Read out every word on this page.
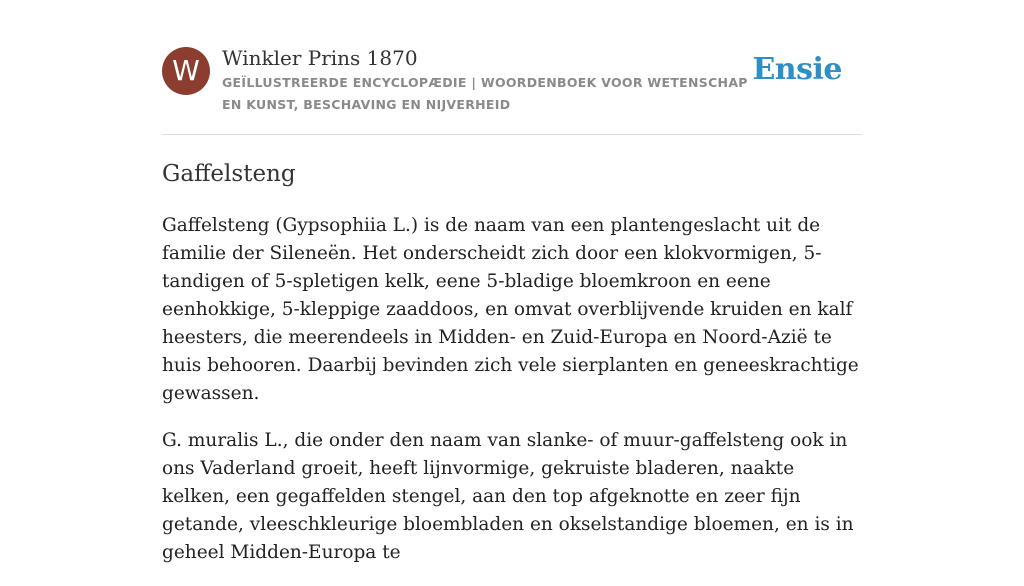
W	Winkler Prins 1870
GEÏLLUSTREERDE ENCYCLOPÆDIE | WOORDENBOEK VOOR WETENSCHAP EN KUNST, BESCHAVING EN NIJVERHEID
Ensie
Gaffelsteng

Gaffelsteng (Gypsophiia L.) is de naam van een plantengeslacht uit de familie der Sileneën. Het onderscheidt zich door een klokvormigen, 5-tandigen of 5-spletigen kelk, eene 5-bladige bloemkroon en eene eenhokkige, 5-kleppige zaaddoos, en omvat overblijvende kruiden en kalf heesters, die meerendeels in Midden- en Zuid-Europa en Noord-Azië te huis behooren. Daarbij bevinden zich vele sierplanten en geneeskrachtige gewassen.

G. muralis L., die onder den naam van slanke- of muur-gaffelsteng ook in ons Vaderland groeit, heeft lijnvormige, gekruiste bladeren, naakte kelken, een gegaffelden stengel, aan den top afgeknotte en zeer fijn getande, vleeschkleurige bloembladen en okselstandige bloemen, en is in geheel Midden-Europa te
